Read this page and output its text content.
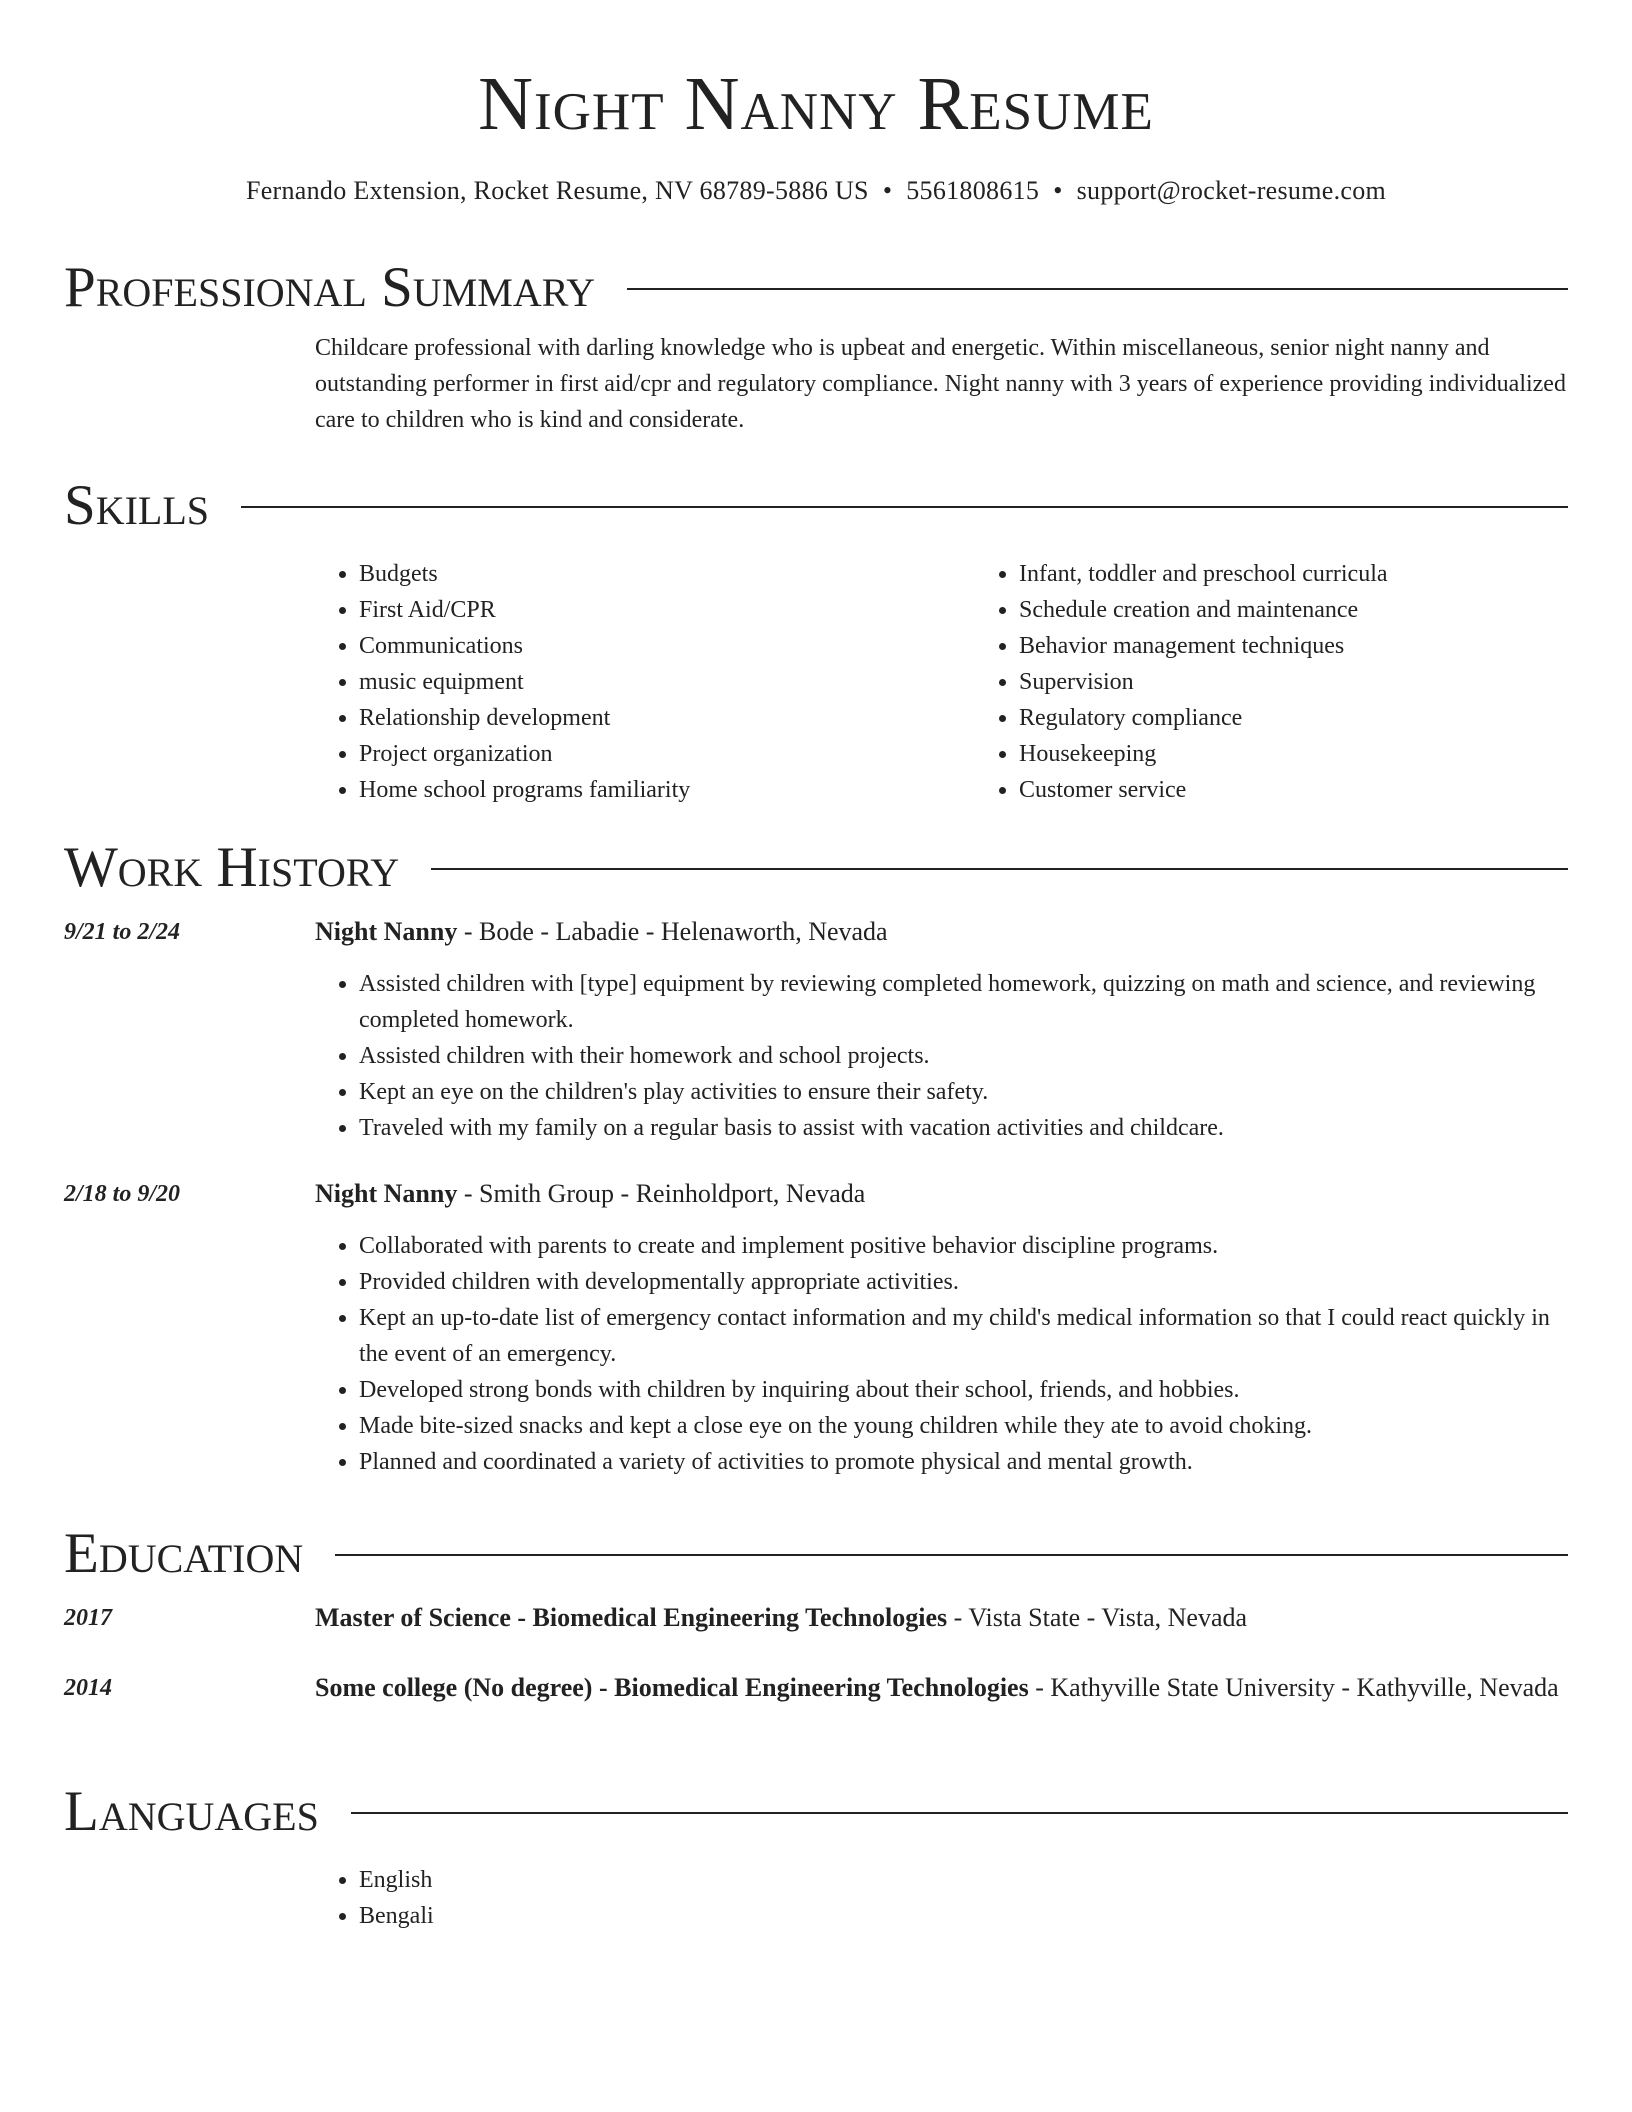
Night Nanny Resume
Fernando Extension, Rocket Resume, NV 68789-5886 US • 5561808615 • support@rocket-resume.com
Professional Summary

Childcare professional with darling knowledge who is upbeat and energetic. Within miscellaneous, senior night nanny and outstanding performer in first aid/cpr and regulatory compliance. Night nanny with 3 years of experience providing individualized care to children who is kind and considerate.

Skills
• Budgets
• First Aid/CPR
• Communications
• music equipment
• Relationship development
• Project organization
• Home school programs familiarity
• Infant, toddler and preschool curricula
• Schedule creation and maintenance
• Behavior management techniques
• Supervision
• Regulatory compliance
• Housekeeping
• Customer service
Work History
9/21 to 2/24	Night Nanny - Bode - Labadie - Helenaworth, Nevada
• Assisted children with [type] equipment by reviewing completed homework, quizzing on math and science, and reviewing completed homework.
• Assisted children with their homework and school projects.
• Kept an eye on the children's play activities to ensure their safety.
• Traveled with my family on a regular basis to assist with vacation activities and childcare.
2/18 to 9/20	Night Nanny - Smith Group - Reinholdport, Nevada
• Collaborated with parents to create and implement positive behavior discipline programs.
• Provided children with developmentally appropriate activities.
• Kept an up-to-date list of emergency contact information and my child's medical information so that I could react quickly in the event of an emergency.
• Developed strong bonds with children by inquiring about their school, friends, and hobbies.
• Made bite-sized snacks and kept a close eye on the young children while they ate to avoid choking.
• Planned and coordinated a variety of activities to promote physical and mental growth.
Education
2017	Master of Science - Biomedical Engineering Technologies - Vista State - Vista, Nevada
2014	Some college (No degree) - Biomedical Engineering Technologies - Kathyville State University - Kathyville, Nevada
Languages
• English
• Bengali
